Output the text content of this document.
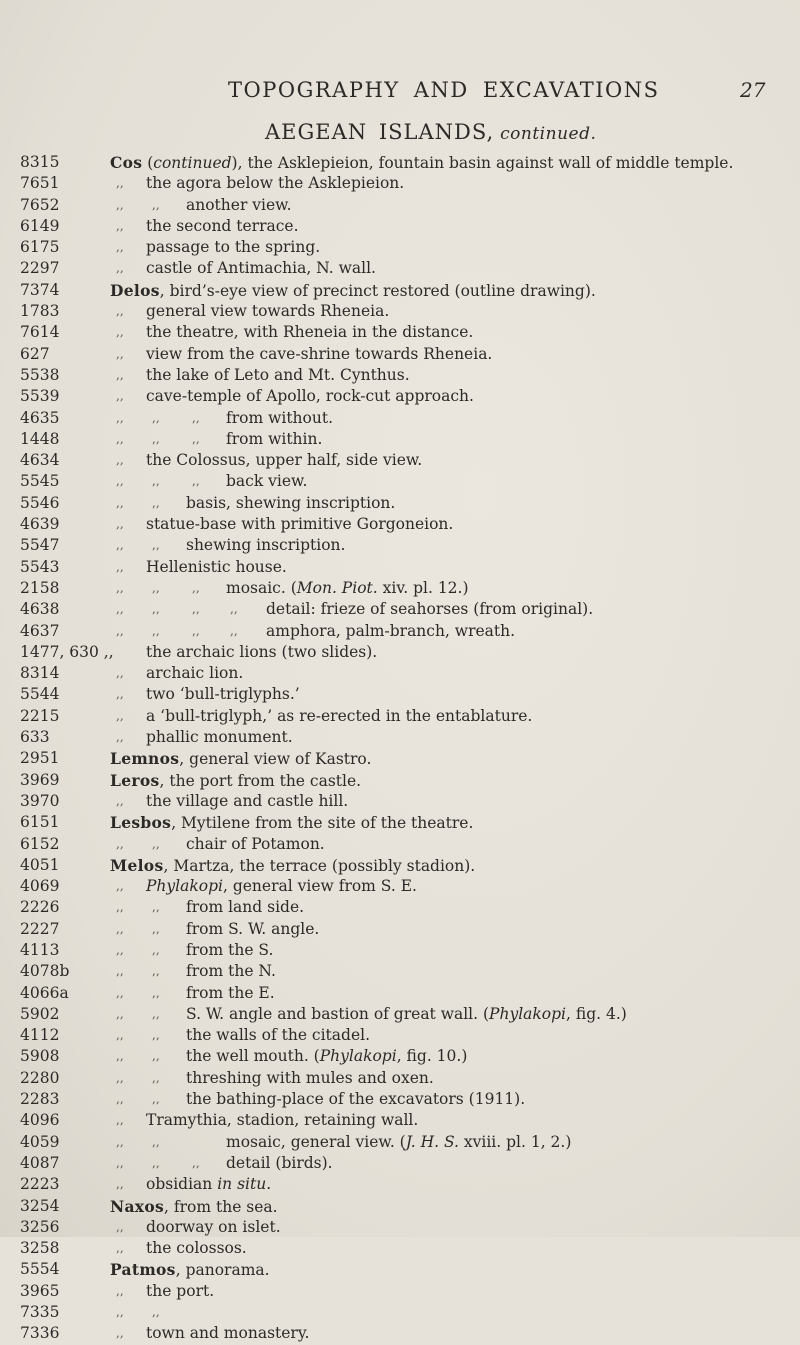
TOPOGRAPHY AND EXCAVATIONS	27
AEGEAN ISLANDS, continued.
8315	Cos (continued), the Asklepieion, fountain basin against wall of middle temple.
7651	,, the agora below the Asklepieion.
7652	,, ,, another view.
6149	,, the second terrace.
6175	,, passage to the spring.
2297	,, castle of Antimachia, N. wall.
7374	Delos, bird’s-eye view of precinct restored (outline drawing).
1783	,, general view towards Rheneia.
7614	,, the theatre, with Rheneia in the distance.
627	,, view from the cave-shrine towards Rheneia.
5538	,, the lake of Leto and Mt. Cynthus.
5539	,, cave-temple of Apollo, rock-cut approach.
4635	,, ,,	,, from without.
1448	,, ,,	,, from within.
4634	,, the Colossus, upper half, side view.
5545	,, ,,	,, back view.
5546	,, ,, basis, shewing inscription.
4639	,, statue-base with primitive Gorgoneion.
5547	,, ,, shewing inscription.
5543	,, Hellenistic house.
2158	,, ,,	,, mosaic. (Mon. Piot. xiv. pl. 12.)
4638	,, ,,	,,	,, detail: frieze of seahorses (from original).
4637	,, ,,	,,	,, amphora, palm-branch, wreath.
1477, 630 ,, the archaic lions (two slides).
8314	,, archaic lion.
5544	,, two ‘bull-triglyphs.’
2215	,, a ‘bull-triglyph,’ as re-erected in the entablature.
633	,, phallic monument.
2951	Lemnos, general view of Kastro.
3969	Leros, the port from the castle.
3970	,, the village and castle hill.
6151	Lesbos, Mytilene from the site of the theatre.
6152	,, ,, chair of Potamon.
4051	Melos, Martza, the terrace (possibly stadion).
4069	,, Phylakopi, general view from S. E.
2226	,, ,, from land side.
2227	,, ,, from S. W. angle.
4113	,, ,, from the S.
4078b	,, ,, from the N.
4066a	,, ,, from the E.
5902	,, ,, S. W. angle and bastion of great wall. (Phylakopi, fig. 4.)
4112	,, ,, the walls of the citadel.
5908	,, ,, the well mouth. (Phylakopi, fig. 10.)
2280	,, ,, threshing with mules and oxen.
2283	,, ,, the bathing-place of the excavators (1911).
4096	,, Tramythia, stadion, retaining wall.
4059	,, ,,	mosaic, general view. (J. H. S. xviii. pl. 1, 2.)
4087	,, ,,	,, detail (birds).
2223	,, obsidian in situ.
3254	Naxos, from the sea.
3256	,, doorway on islet.
3258	,, the colossos.
5554	Patmos, panorama.
3965	,, the port.
7335	,, ,,
7336	,, town and monastery.
